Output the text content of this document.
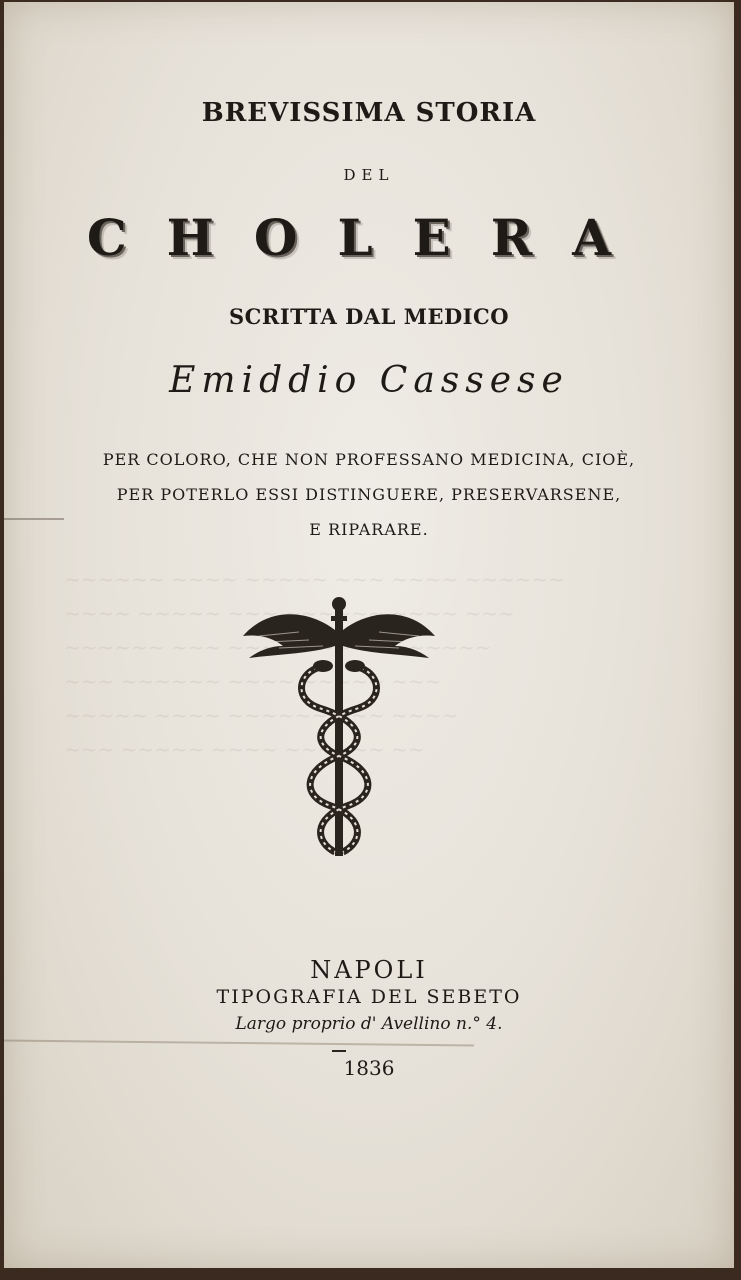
~~~~~~ ~~~~ ~~~~~ ~~~ ~~~~ ~~~~~~
~~~~ ~~~~~ ~~~ ~~~~~~ ~~~~ ~~~
~~~~~~ ~~~ ~~~~~ ~~~~~~
~~~ ~~~~~~ ~~~~ ~~~~~ ~~~
~~~~~ ~~~~ ~~~~~~ ~~~ ~~~~
~~~ ~~~~~ ~~~~ ~~~~~~ ~~
BREVISSIMA STORIA
DEL
CHOLERA
SCRITTA DAL MEDICO
Emiddio Cassese
PER COLORO, CHE NON PROFESSANO MEDICINA, CIOÈ,
PER POTERLO ESSI DISTINGUERE, PRESERVARSENE,
E RIPARARE.
NAPOLI
TIPOGRAFIA DEL SEBETO
Largo proprio d' Avellino n.° 4.
1836
